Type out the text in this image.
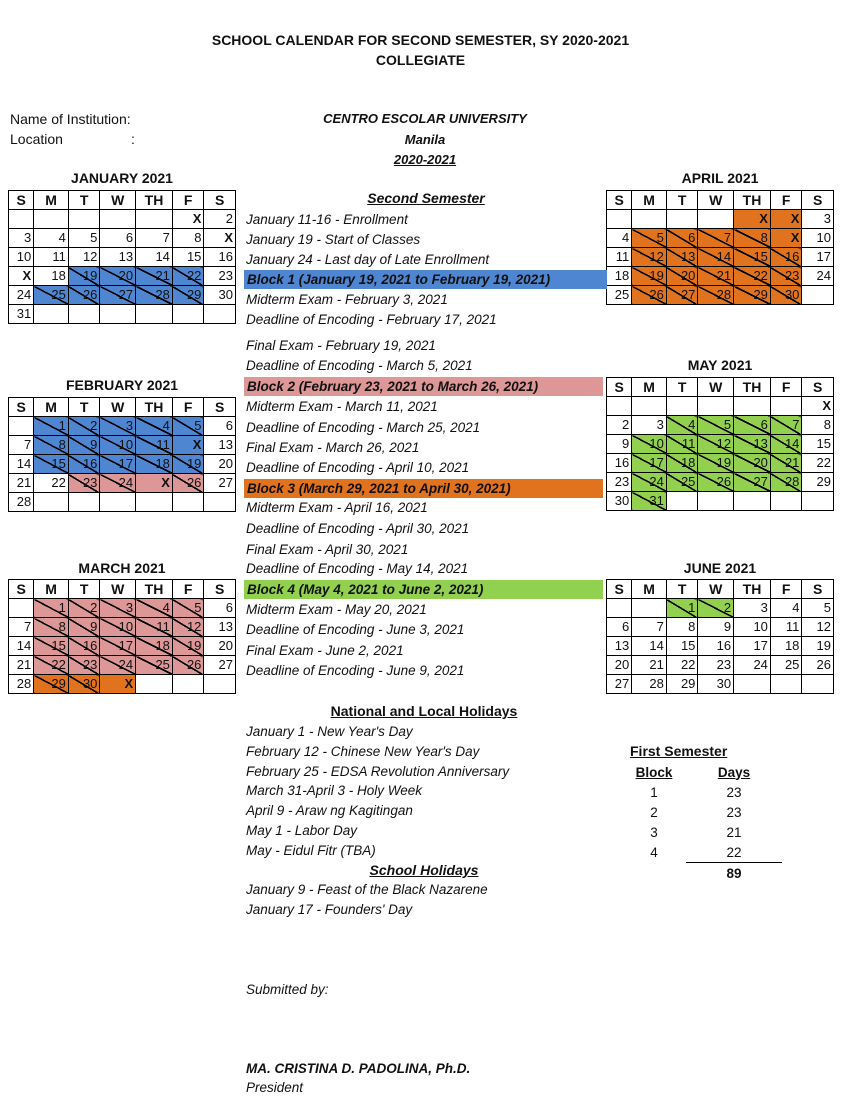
SCHOOL CALENDAR FOR SECOND SEMESTER, SY 2020-2021
COLLEGIATE
Name of Institution:
Location	:
CENTRO ESCOLAR UNIVERSITY
Manila
2020-2021
JANUARY 2021
FEBRUARY 2021
MARCH 2021
APRIL 2021
MAY 2021
JUNE 2021
S	M	T	W	TH	F	S
					X	2
3	4	5	6	7	8	X
10	11	12	13	14	15	16
X	18	19	20	21	22	23
24	25	26	27	28	29	30
31						
S	M	T	W	TH	F	S
	1	2	3	4	5	6
7	8	9	10	11	X	13
14	15	16	17	18	19	20
21	22	23	24	X	26	27
28						
S	M	T	W	TH	F	S
	1	2	3	4	5	6
7	8	9	10	11	12	13
14	15	16	17	18	19	20
21	22	23	24	25	26	27
28	29	30	X			
S	M	T	W	TH	F	S
				X	X	3
4	5	6	7	8	X	10
11	12	13	14	15	16	17
18	19	20	21	22	23	24
25	26	27	28	29	30	
S	M	T	W	TH	F	S
						X
2	3	4	5	6	7	8
9	10	11	12	13	14	15
16	17	18	19	20	21	22
23	24	25	26	27	28	29
30	31					
S	M	T	W	TH	F	S
		1	2	3	4	5
6	7	8	9	10	11	12
13	14	15	16	17	18	19
20	21	22	23	24	25	26
27	28	29	30			
Second Semester
January 11-16 - Enrollment
January 19 - Start of Classes
January 24 - Last day of Late Enrollment
Block 1 (January 19, 2021 to February 19, 2021)
Midterm Exam - February 3, 2021
Deadline of Encoding - February 17, 2021
Final Exam - February 19, 2021
Deadline of Encoding - March 5, 2021
Block 2 (February 23, 2021 to March 26, 2021)
Midterm Exam - March 11, 2021
Deadline of Encoding - March 25, 2021
Final Exam - March 26, 2021
Deadline of Encoding - April 10, 2021
Block 3 (March 29, 2021 to April 30, 2021)
Midterm Exam - April 16, 2021
Deadline of Encoding - April 30, 2021
Final Exam - April 30, 2021
Deadline of Encoding - May 14, 2021
Block 4 (May 4, 2021 to June 2, 2021)
Midterm Exam - May 20, 2021
Deadline of Encoding - June 3, 2021
Final Exam - June 2, 2021
Deadline of Encoding - June 9, 2021
National and Local Holidays
January 1 - New Year's Day
February 12 - Chinese New Year's Day
February 25 - EDSA Revolution Anniversary
March 31-April 3 - Holy Week
April 9 - Araw ng Kagitingan
May 1 - Labor Day
May - Eidul Fitr (TBA)
School Holidays
January 9 - Feast of the Black Nazarene
January 17 - Founders' Day
First Semester
Block	Days
1	23
2	23
3	21
4	22
	89
Submitted by:
MA. CRISTINA D. PADOLINA, Ph.D.
President
